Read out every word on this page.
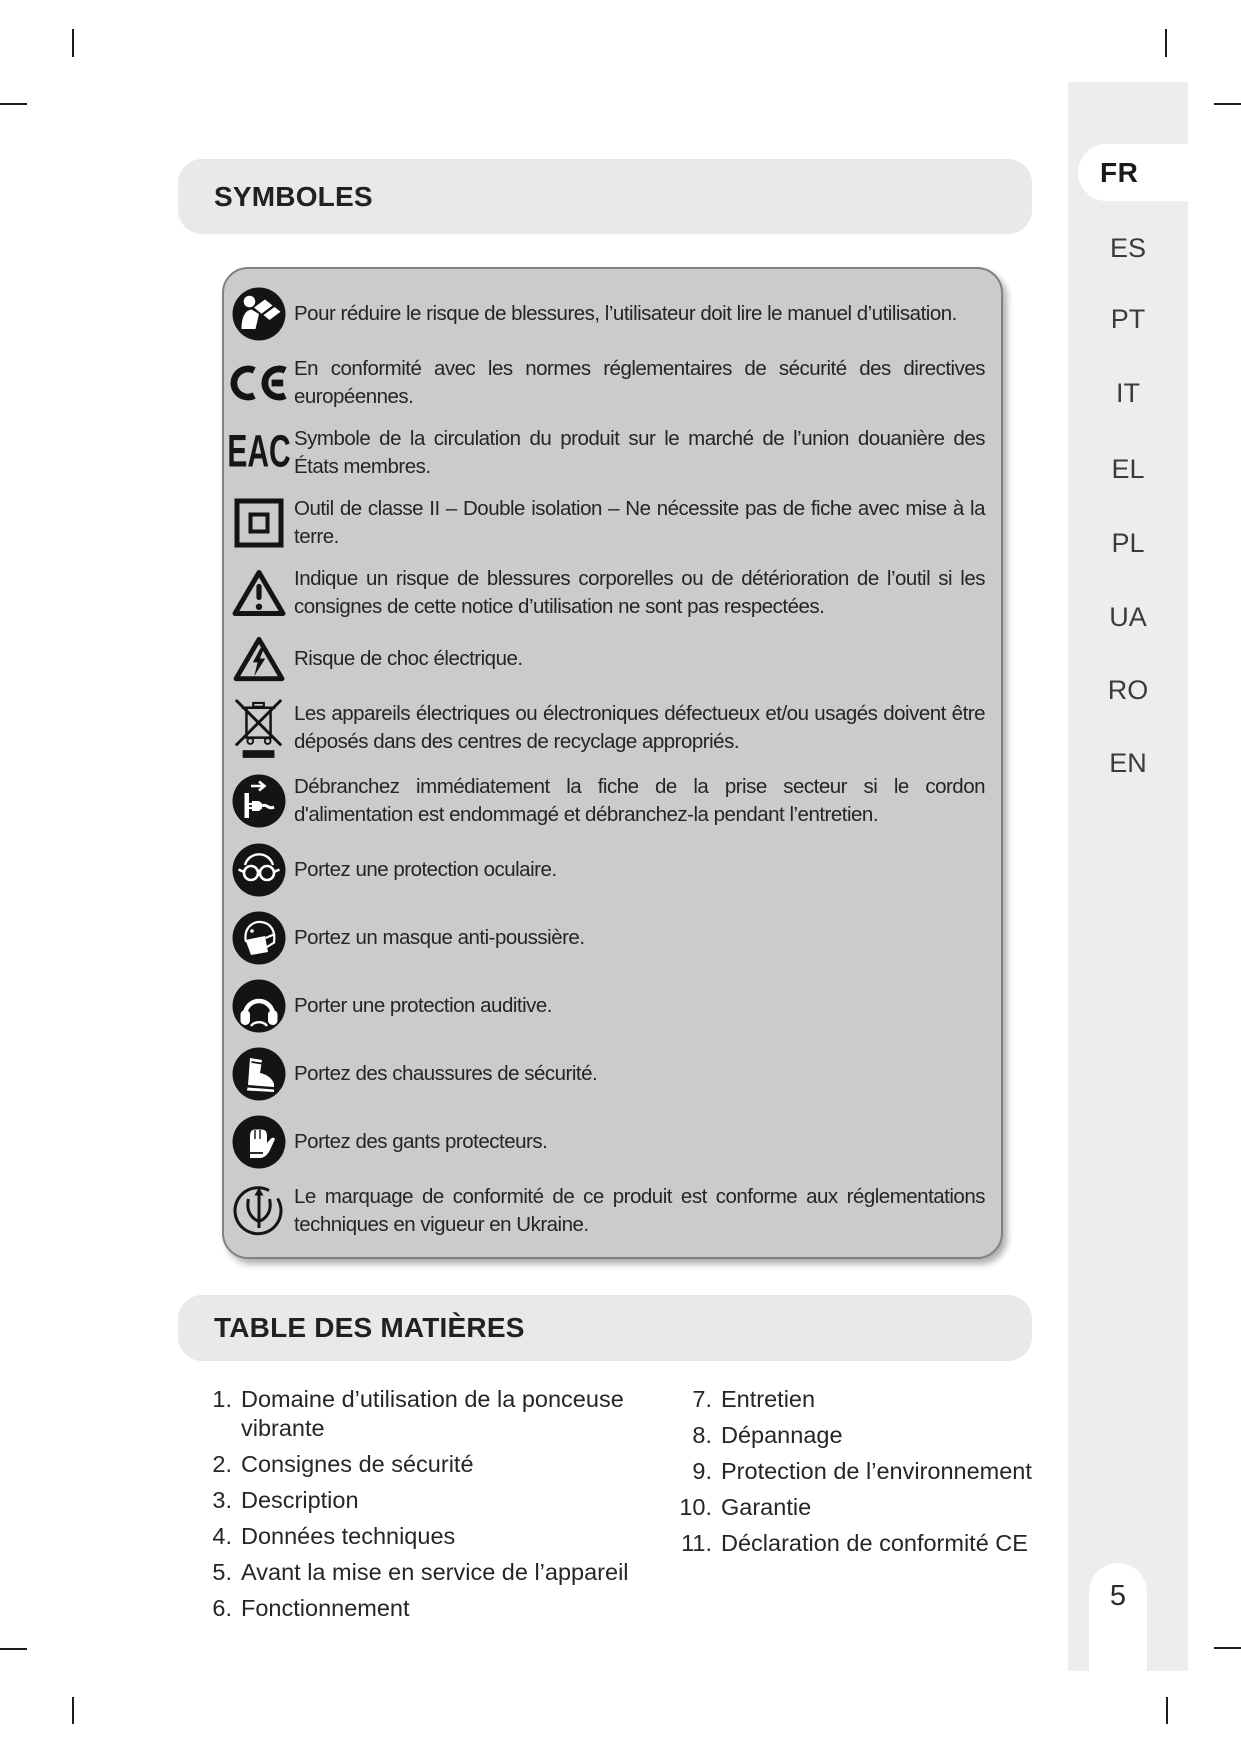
FR
ES
PT
IT
EL
PL
UA
RO
EN
5
SYMBOLES
Pour réduire le risque de blessures, l’utilisateur doit lire le manuel d’utilisation.
En conformité avec les normes réglementaires de sécurité des directives européennes.
EAC Symbole de la circulation du produit sur le marché de l’union douanière des États membres.
Outil de classe II – Double isolation – Ne nécessite pas de fiche avec mise à la terre.
Indique un risque de blessures corporelles ou de détérioration de l’outil si les consignes de cette notice d’utilisation ne sont pas respectées.
Risque de choc électrique.
Les appareils électriques ou électroniques défectueux et/ou usagés doivent être déposés dans des centres de recyclage appropriés.
Débranchez immédiatement la fiche de la prise secteur si le cordon d'alimentation est endommagé et débranchez-la pendant l’entretien.
Portez une protection oculaire.
Portez un masque anti-poussière.
Porter une protection auditive.
Portez des chaussures de sécurité.
Portez des gants protecteurs.
Le marquage de conformité de ce produit est conforme aux réglementations techniques en vigueur en Ukraine.
TABLE DES MATIÈRES
1. Domaine d’utilisation de la ponceuse vibrante
2. Consignes de sécurité
3. Description
4. Données techniques
5. Avant la mise en service de l’appareil
6. Fonctionnement
7. Entretien
8. Dépannage
9. Protection de l’environnement
10. Garantie
11. Déclaration de conformité CE
